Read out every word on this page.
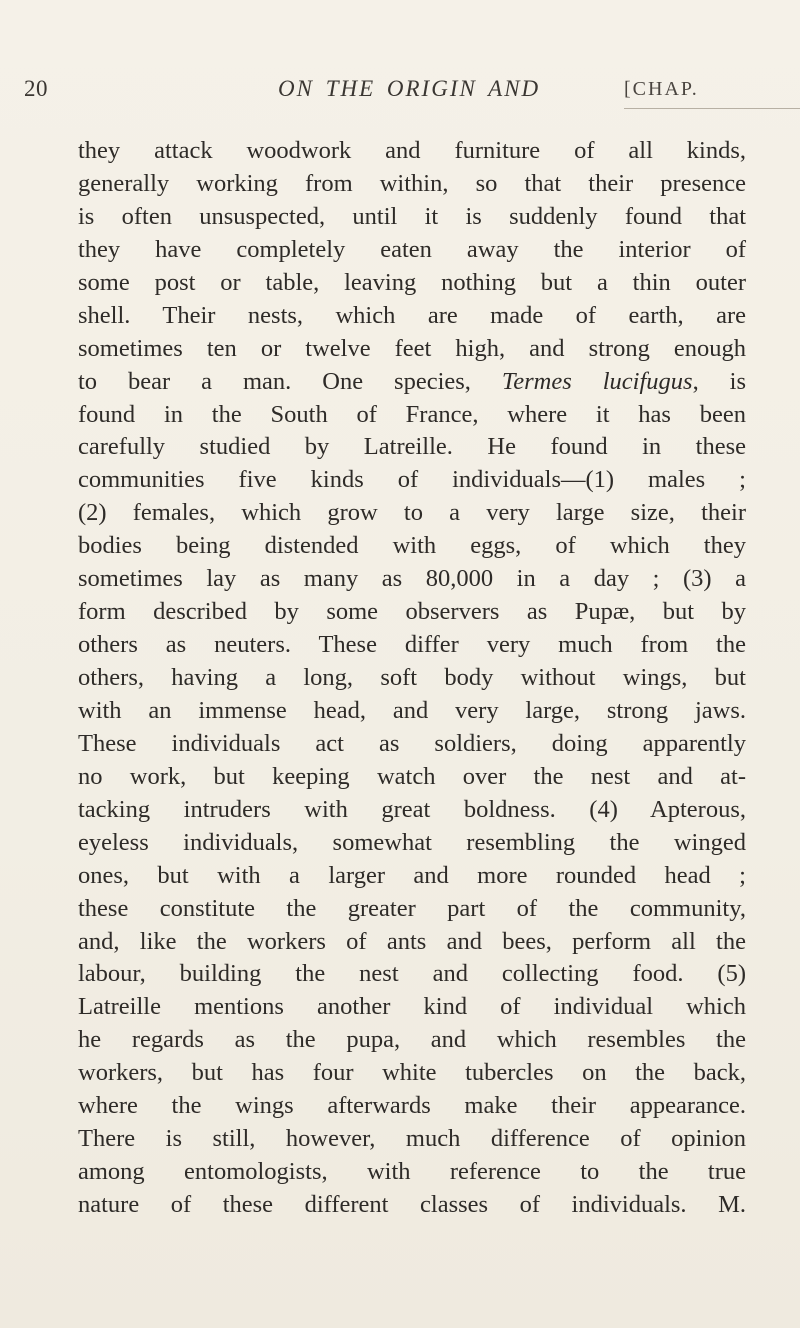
20	ON THE ORIGIN AND	[CHAP.
they attack woodwork and furniture of all kinds,
generally working from within, so that their presence
is often unsuspected, until it is suddenly found that
they have completely eaten away the interior of
some post or table, leaving nothing but a thin outer
shell. Their nests, which are made of earth, are
sometimes ten or twelve feet high, and strong enough
to bear a man. One species, Termes lucifugus, is
found in the South of France, where it has been
carefully studied by Latreille. He found in these
communities five kinds of individuals—(1) males ;
(2) females, which grow to a very large size, their
bodies being distended with eggs, of which they
sometimes lay as many as 80,000 in a day ; (3) a
form described by some observers as Pupæ, but by
others as neuters. These differ very much from the
others, having a long, soft body without wings, but
with an immense head, and very large, strong jaws.
These individuals act as soldiers, doing apparently
no work, but keeping watch over the nest and at-
tacking intruders with great boldness. (4) Apterous,
eyeless individuals, somewhat resembling the winged
ones, but with a larger and more rounded head ;
these constitute the greater part of the community,
and, like the workers of ants and bees, perform all the
labour, building the nest and collecting food. (5)
Latreille mentions another kind of individual which
he regards as the pupa, and which resembles the
workers, but has four white tubercles on the back,
where the wings afterwards make their appearance.
There is still, however, much difference of opinion
among entomologists, with reference to the true
nature of these different classes of individuals. M.
